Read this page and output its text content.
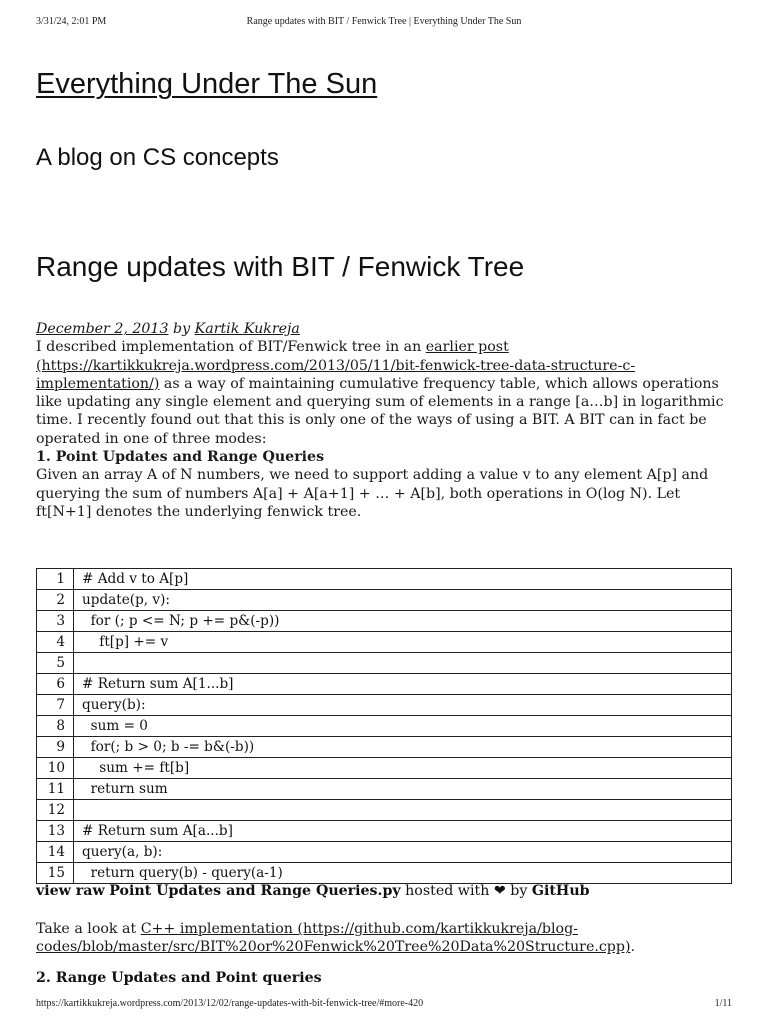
3/31/24, 2:01 PM	Range updates with BIT / Fenwick Tree | Everything Under The Sun
Everything Under The Sun
A blog on CS concepts
Range updates with BIT / Fenwick Tree
December 2, 2013 by Kartik Kukreja

I described implementation of BIT/Fenwick tree in an earlier post (https://kartikkukreja.wordpress.com/2013/05/11/bit-fenwick-tree-data-structure-c-implementation/) as a way of maintaining cumulative frequency table, which allows operations like updating any single element and querying sum of elements in a range [a…b] in logarithmic time. I recently found out that this is only one of the ways of using a BIT. A BIT can in fact be operated in one of three modes:

1. Point Updates and Range Queries

Given an array A of N numbers, we need to support adding a value v to any element A[p] and querying the sum of numbers A[a] + A[a+1] + … + A[b], both operations in O(log N). Let ft[N+1] denotes the underlying fenwick tree.

1	# Add v to A[p]
2	update(p, v):
3	for (; p <= N; p += p&(-p))
4	ft[p] += v
5	
6	# Return sum A[1...b]
7	query(b):
8	sum = 0
9	for(; b > 0; b -= b&(-b))
10	sum += ft[b]
11	return sum
12	
13	# Return sum A[a...b]
14	query(a, b):
15	return query(b) - query(a-1)
view raw Point Updates and Range Queries.py hosted with ❤ by GitHub

Take a look at C++ implementation (https://github.com/kartikkukreja/blog-codes/blob/master/src/BIT%20or%20Fenwick%20Tree%20Data%20Structure.cpp).

2. Range Updates and Point queries

https://kartikkukreja.wordpress.com/2013/12/02/range-updates-with-bit-fenwick-tree/#more-420	1/11
